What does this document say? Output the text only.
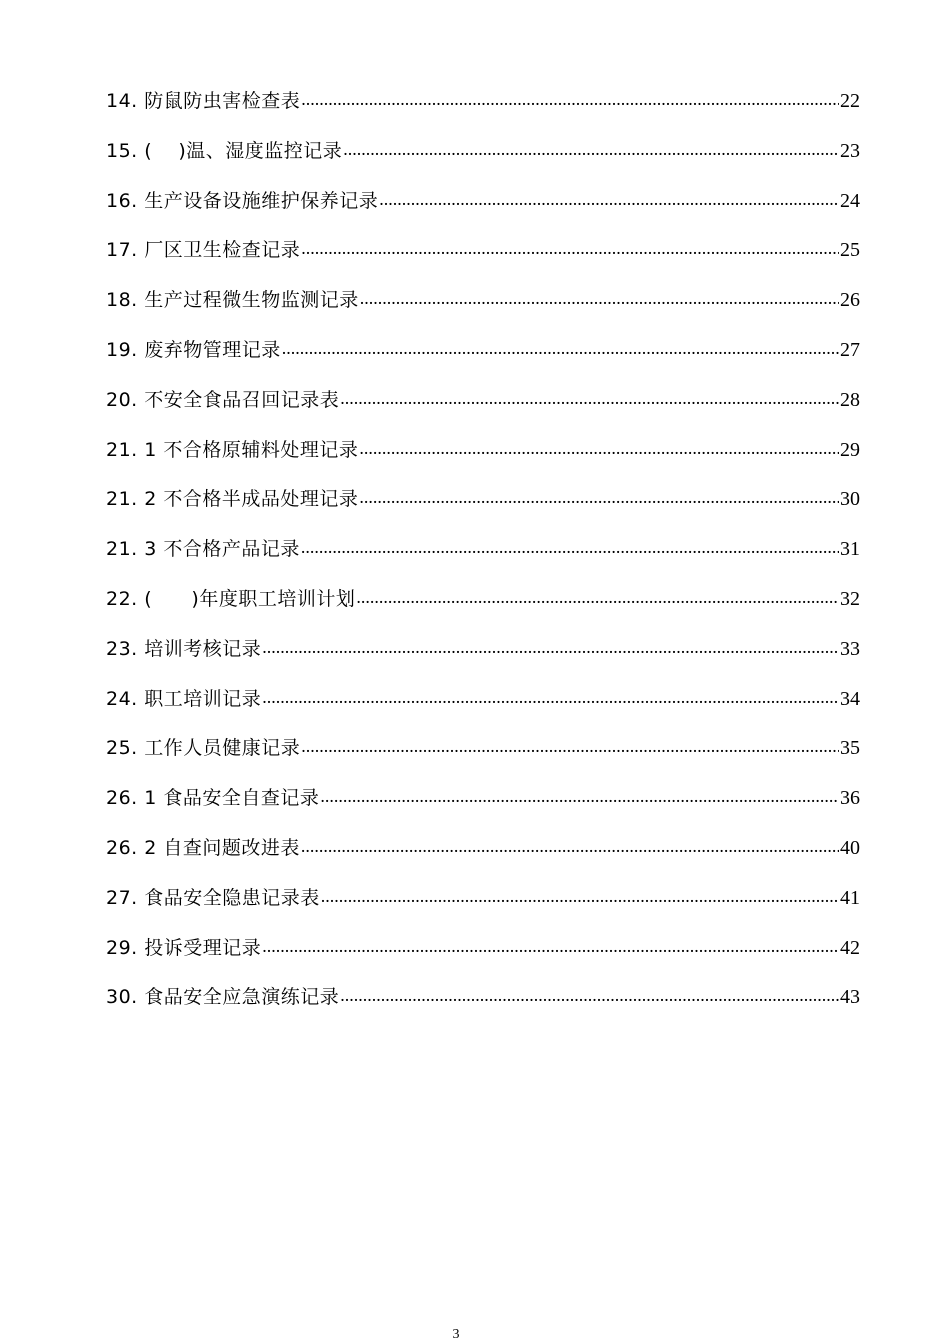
14. 防鼠防虫害检查表 .....	22
15. (    )温、湿度监控记录 .....	23
16. 生产设备设施维护保养记录 .....	24
17. 厂区卫生检查记录 .....	25
18. 生产过程微生物监测记录 .....	26
19. 废弃物管理记录 .....	27
20. 不安全食品召回记录表 .....	28
21. 1 不合格原辅料处理记录 .....	29
21. 2 不合格半成品处理记录 .....	30
21. 3 不合格产品记录 .....	31
22. (      )年度职工培训计划 .....	32
23. 培训考核记录 .....	33
24. 职工培训记录 .....	34
25. 工作人员健康记录 .....	35
26. 1 食品安全自查记录 .....	36
26. 2 自查问题改进表 .....	40
27. 食品安全隐患记录表 .....	41
29. 投诉受理记录 .....	42
30. 食品安全应急演练记录 .....	43
3
